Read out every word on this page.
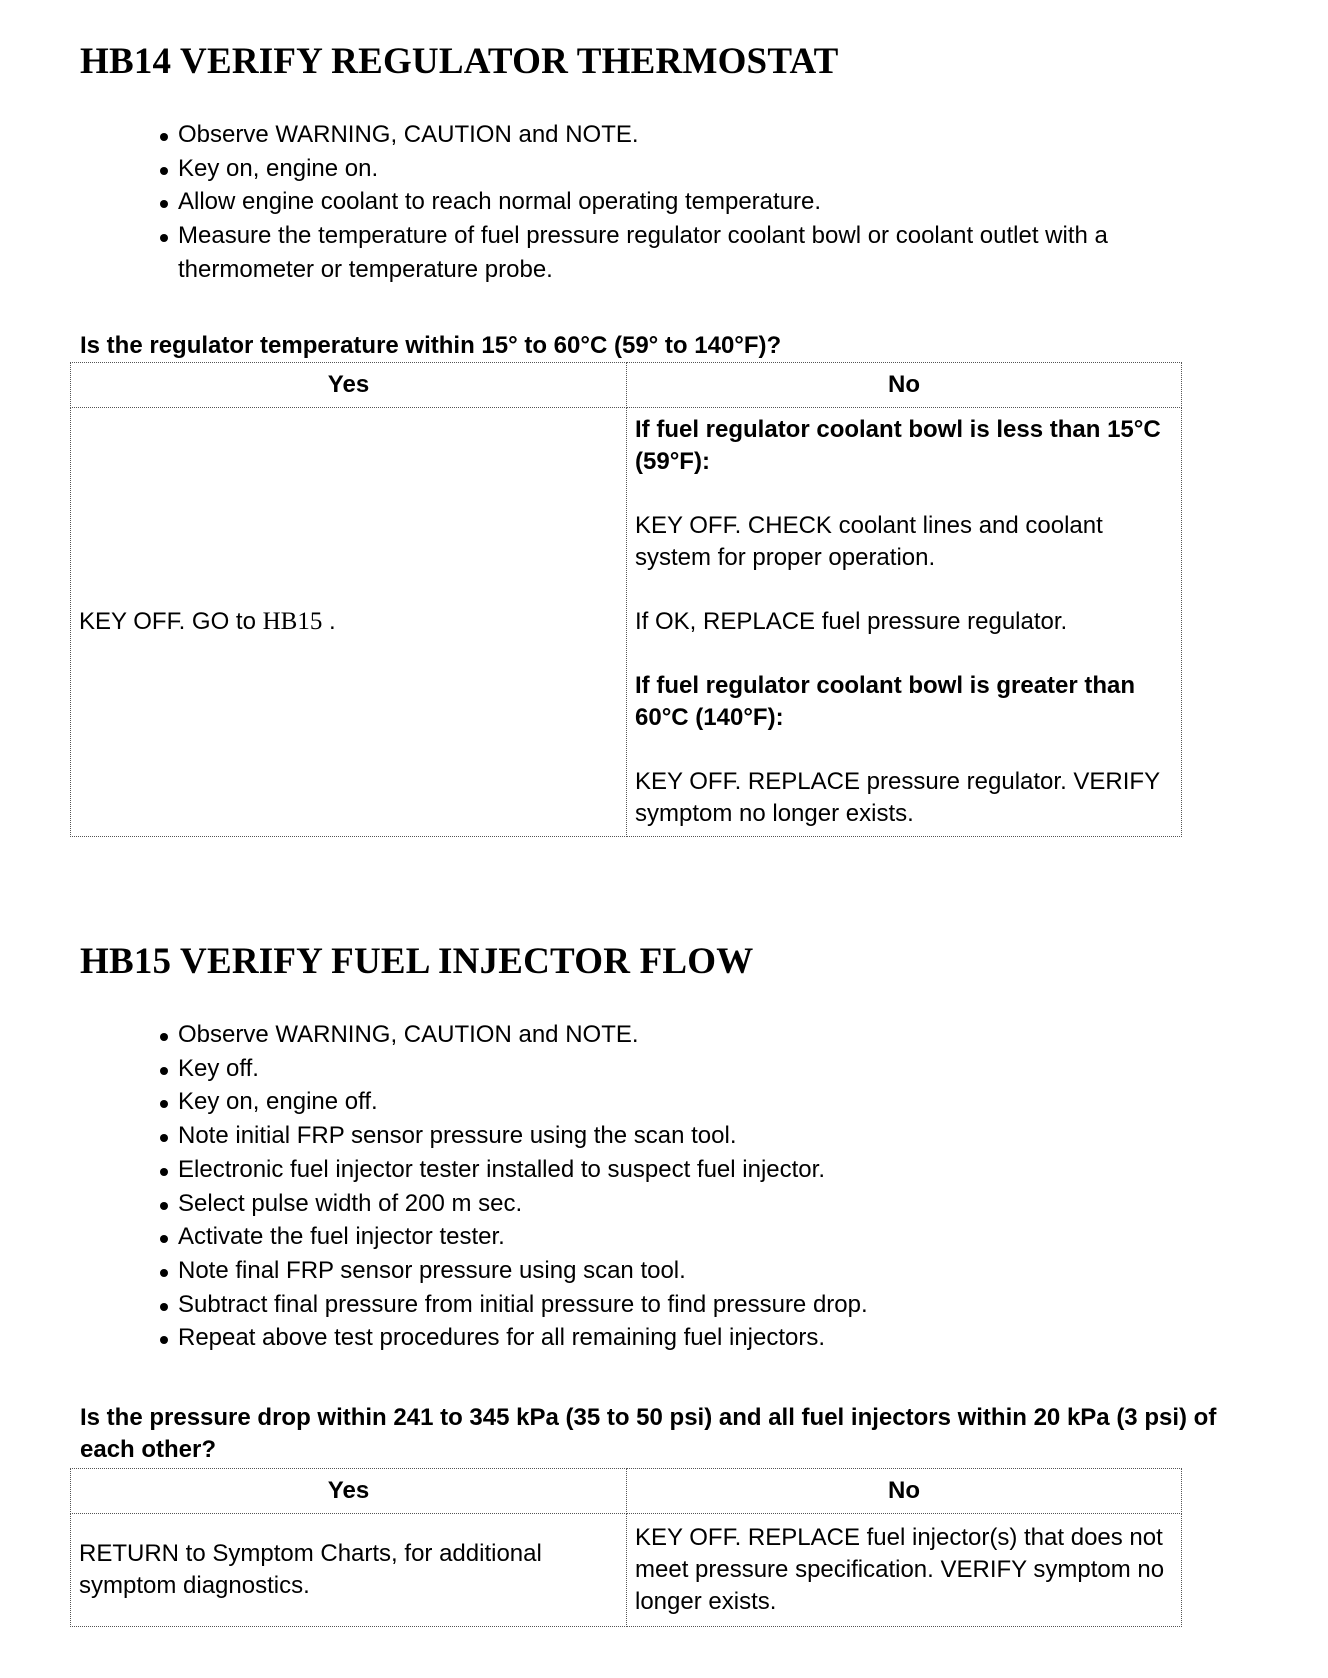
HB14 VERIFY REGULATOR THERMOSTAT
Observe WARNING, CAUTION and NOTE.
Key on, engine on.
Allow engine coolant to reach normal operating temperature.
Measure the temperature of fuel pressure regulator coolant bowl or coolant outlet with a thermometer or temperature probe.

Is the regulator temperature within 15° to 60°C (59° to 140°F)?

Yes	No
KEY OFF. GO to HB15 .	If fuel regulator coolant bowl is less than 15°C (59°F):

KEY OFF. CHECK coolant lines and coolant system for proper operation.

If OK, REPLACE fuel pressure regulator.

If fuel regulator coolant bowl is greater than 60°C (140°F):

KEY OFF. REPLACE pressure regulator. VERIFY symptom no longer exists.

HB15 VERIFY FUEL INJECTOR FLOW
Observe WARNING, CAUTION and NOTE.
Key off.
Key on, engine off.
Note initial FRP sensor pressure using the scan tool.
Electronic fuel injector tester installed to suspect fuel injector.
Select pulse width of 200 m sec.
Activate the fuel injector tester.
Note final FRP sensor pressure using scan tool.
Subtract final pressure from initial pressure to find pressure drop.
Repeat above test procedures for all remaining fuel injectors.

Is the pressure drop within 241 to 345 kPa (35 to 50 psi) and all fuel injectors within 20 kPa (3 psi) of each other?

Yes	No
RETURN to Symptom Charts, for additional symptom diagnostics.	KEY OFF. REPLACE fuel injector(s) that does not meet pressure specification. VERIFY symptom no longer exists.
